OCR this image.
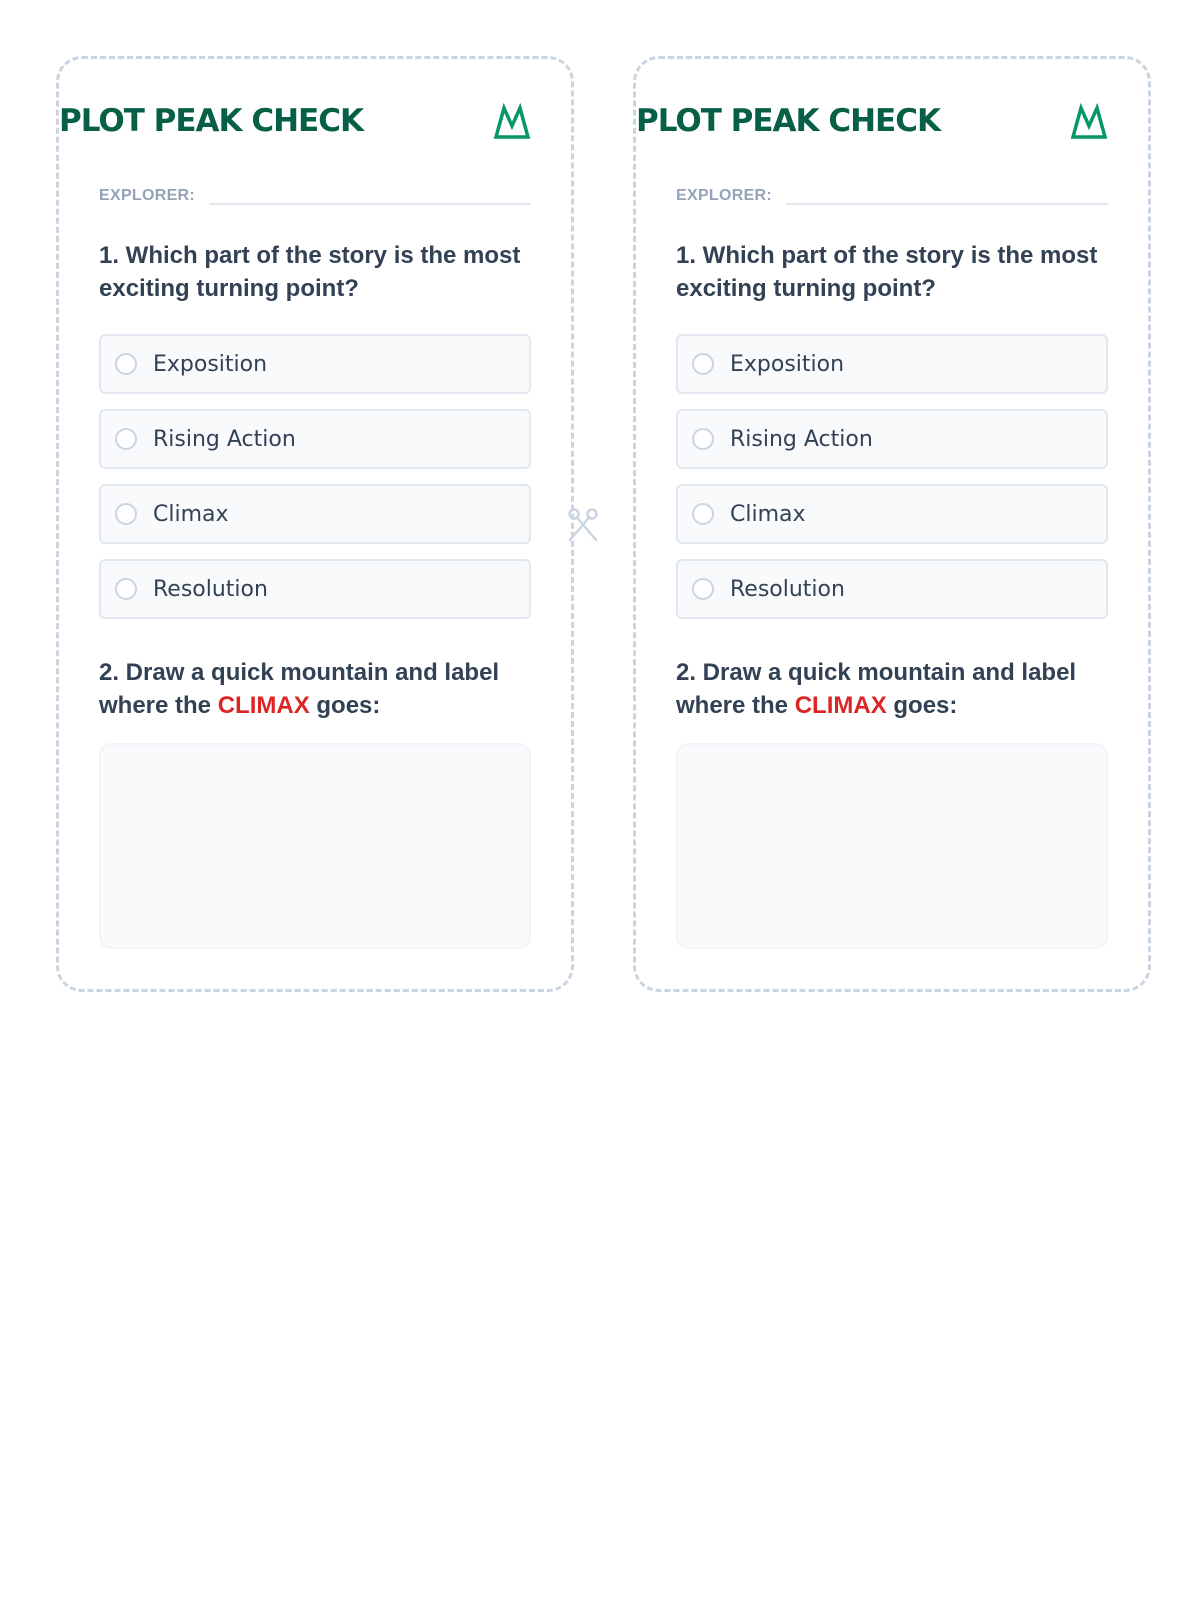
PLOT PEAK CHECK
EXPLORER:

1. Which part of the story is the most exciting turning point?

Exposition
Rising Action
Climax
Resolution

2. Draw a quick mountain and label where the CLIMAX goes:

PLOT PEAK CHECK
EXPLORER:

1. Which part of the story is the most exciting turning point?

Exposition
Rising Action
Climax
Resolution

2. Draw a quick mountain and label where the CLIMAX goes:
